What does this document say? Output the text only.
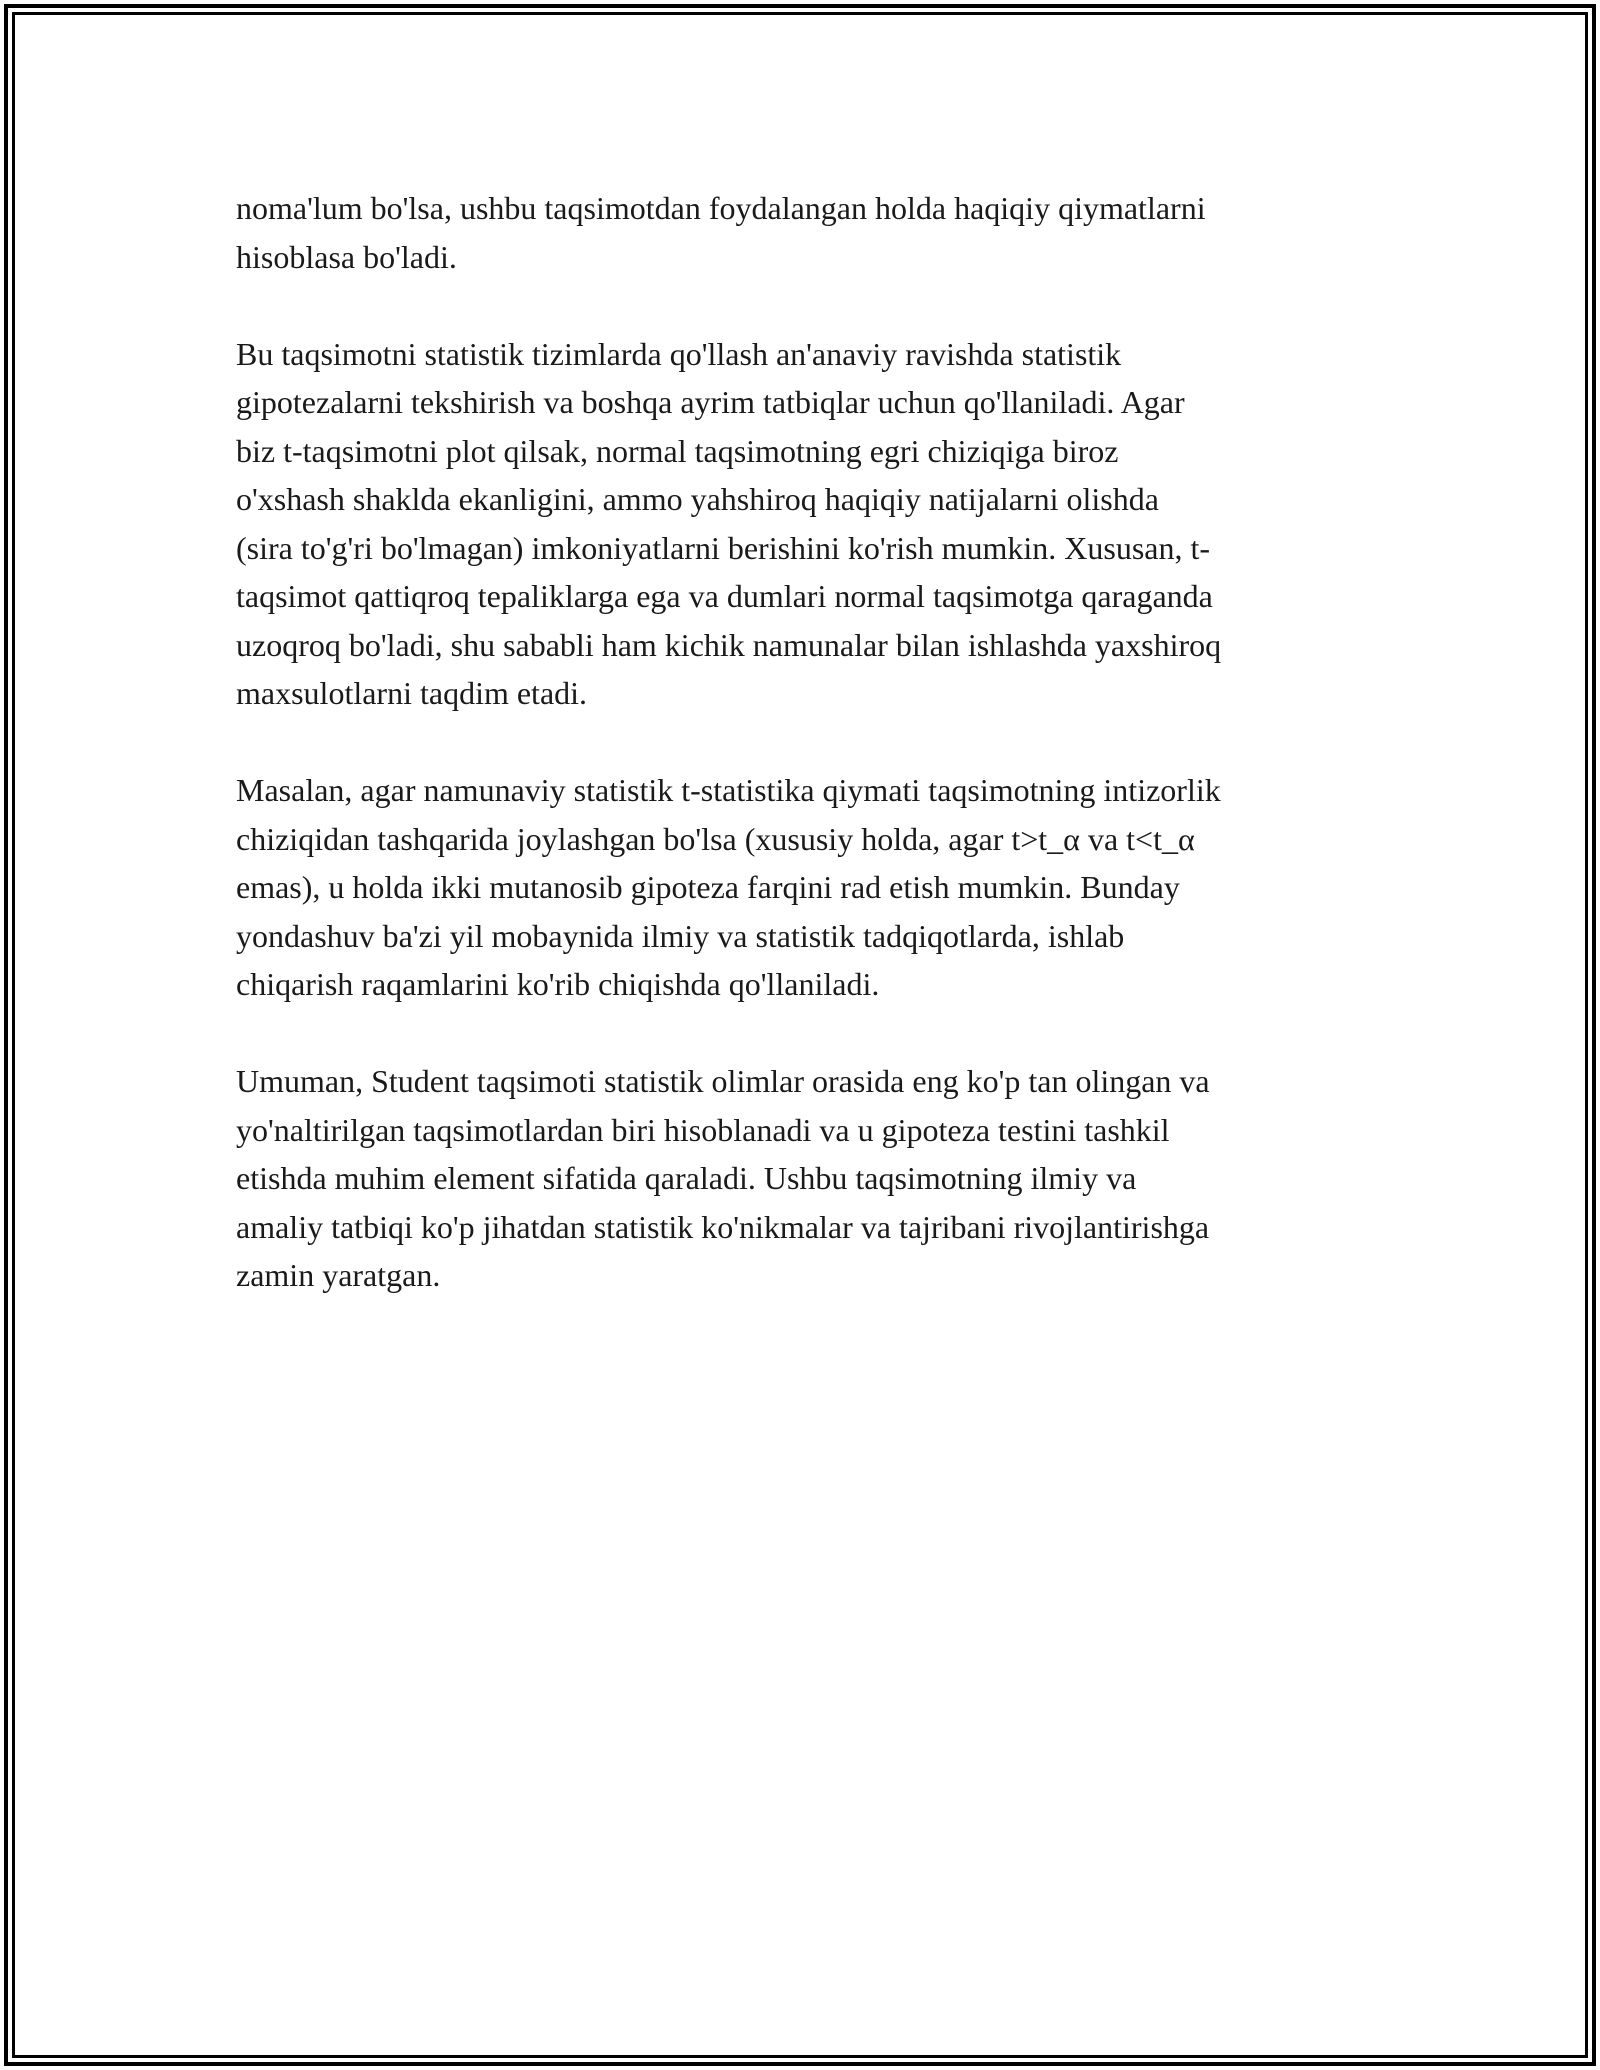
noma'lum bo'lsa, ushbu taqsimotdan foydalangan holda haqiqiy qiymatlarni
hisoblasa bo'ladi.

Bu taqsimotni statistik tizimlarda qo'llash an'anaviy ravishda statistik
gipotezalarni tekshirish va boshqa ayrim tatbiqlar uchun qo'llaniladi. Agar
biz t-taqsimotni plot qilsak, normal taqsimotning egri chiziqiga biroz
o'xshash shaklda ekanligini, ammo yahshiroq haqiqiy natijalarni olishda
(sira to'g'ri bo'lmagan) imkoniyatlarni berishini ko'rish mumkin. Xususan, t-
taqsimot qattiqroq tepaliklarga ega va dumlari normal taqsimotga qaraganda
uzoqroq bo'ladi, shu sababli ham kichik namunalar bilan ishlashda yaxshiroq
maxsulotlarni taqdim etadi.

Masalan, agar namunaviy statistik t-statistika qiymati taqsimotning intizorlik
chiziqidan tashqarida joylashgan bo'lsa (xususiy holda, agar t>t_α va t<t_α
emas), u holda ikki mutanosib gipoteza farqini rad etish mumkin. Bunday
yondashuv ba'zi yil mobaynida ilmiy va statistik tadqiqotlarda, ishlab
chiqarish raqamlarini ko'rib chiqishda qo'llaniladi.

Umuman, Student taqsimoti statistik olimlar orasida eng ko'p tan olingan va
yo'naltirilgan taqsimotlardan biri hisoblanadi va u gipoteza testini tashkil
etishda muhim element sifatida qaraladi. Ushbu taqsimotning ilmiy va
amaliy tatbiqi ko'p jihatdan statistik ko'nikmalar va tajribani rivojlantirishga
zamin yaratgan.
